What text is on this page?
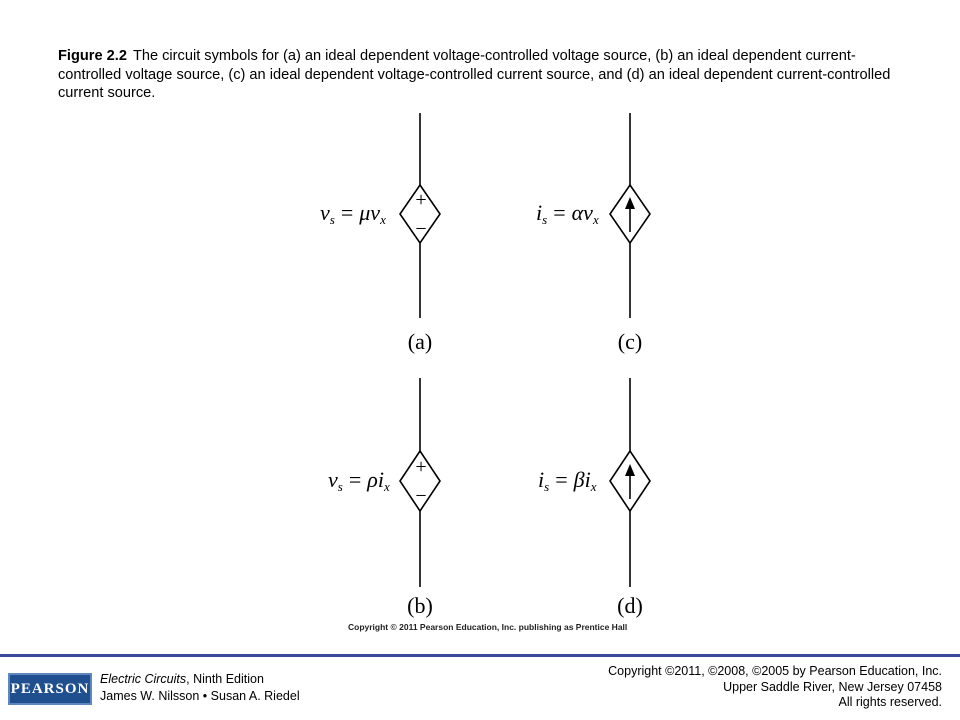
Figure 2.2 The circuit symbols for (a) an ideal dependent voltage-controlled voltage source, (b) an ideal dependent current-controlled voltage source, (c) an ideal dependent voltage-controlled current source, and (d) an ideal dependent current-controlled current source.

+
−
+
−
$v_s = \mu v_x$	$i_s = \alpha v_x$
$v_s = \rho i_x$	$i_s = \beta i_x$
(a)	(c)
(b)	(d)
Copyright © 2011 Pearson Education, Inc. publishing as Prentice Hall
PEARSON
Electric Circuits, Ninth Edition
James W. Nilsson • Susan A. Riedel
Copyright ©2011, ©2008, ©2005 by Pearson Education, Inc.
Upper Saddle River, New Jersey 07458
All rights reserved.
